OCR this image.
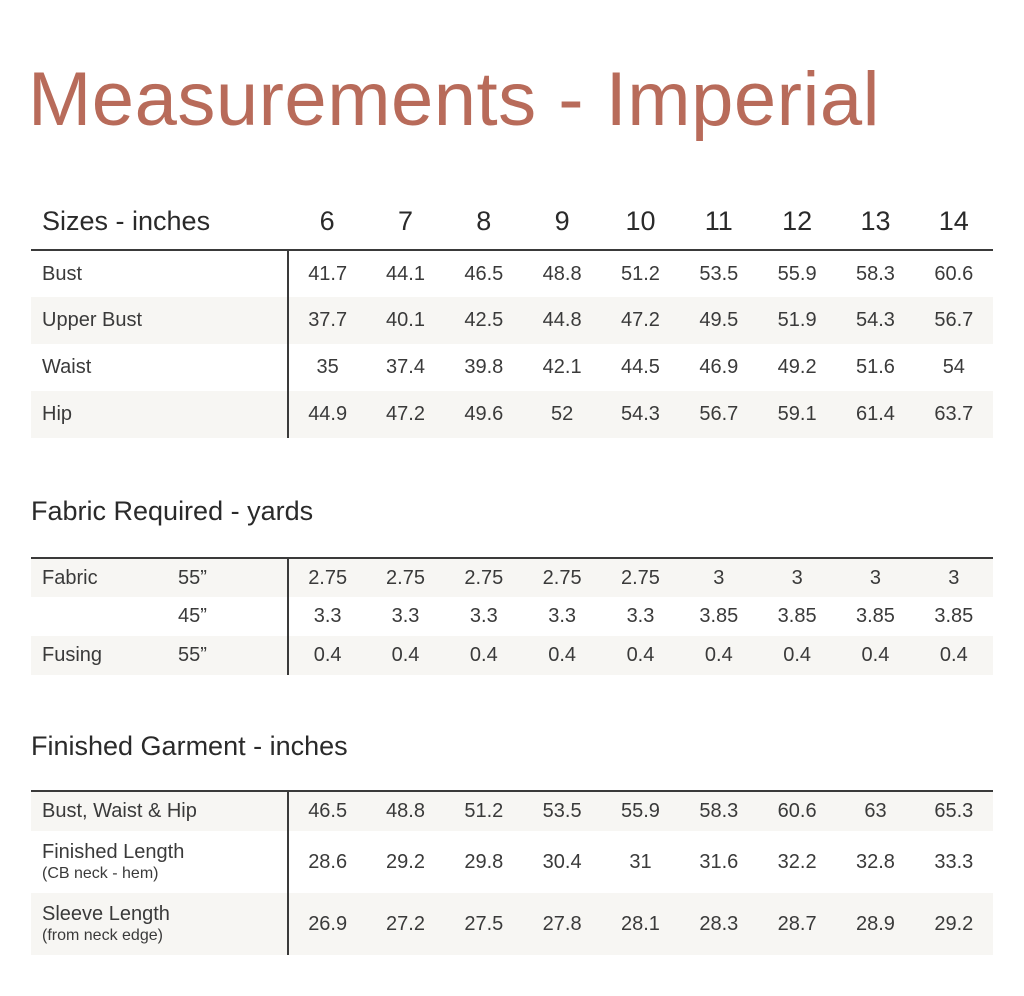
Measurements - Imperial
Sizes - inches	6	7	8	9	10	11	12	13	14
Bust	41.7	44.1	46.5	48.8	51.2	53.5	55.9	58.3	60.6
Upper Bust	37.7	40.1	42.5	44.8	47.2	49.5	51.9	54.3	56.7
Waist	35	37.4	39.8	42.1	44.5	46.9	49.2	51.6	54
Hip	44.9	47.2	49.6	52	54.3	56.7	59.1	61.4	63.7
Fabric Required - yards
Fabric	55”	2.75	2.75	2.75	2.75	2.75	3	3	3	3
	45”	3.3	3.3	3.3	3.3	3.3	3.85	3.85	3.85	3.85
Fusing	55”	0.4	0.4	0.4	0.4	0.4	0.4	0.4	0.4	0.4
Finished Garment - inches
Bust, Waist & Hip	46.5	48.8	51.2	53.5	55.9	58.3	60.6	63	65.3

Finished Length
(CB neck - hem)	28.6	29.2	29.8	30.4	31	31.6	32.2	32.8	33.3

Sleeve Length
(from neck edge)	26.9	27.2	27.5	27.8	28.1	28.3	28.7	28.9	29.2
